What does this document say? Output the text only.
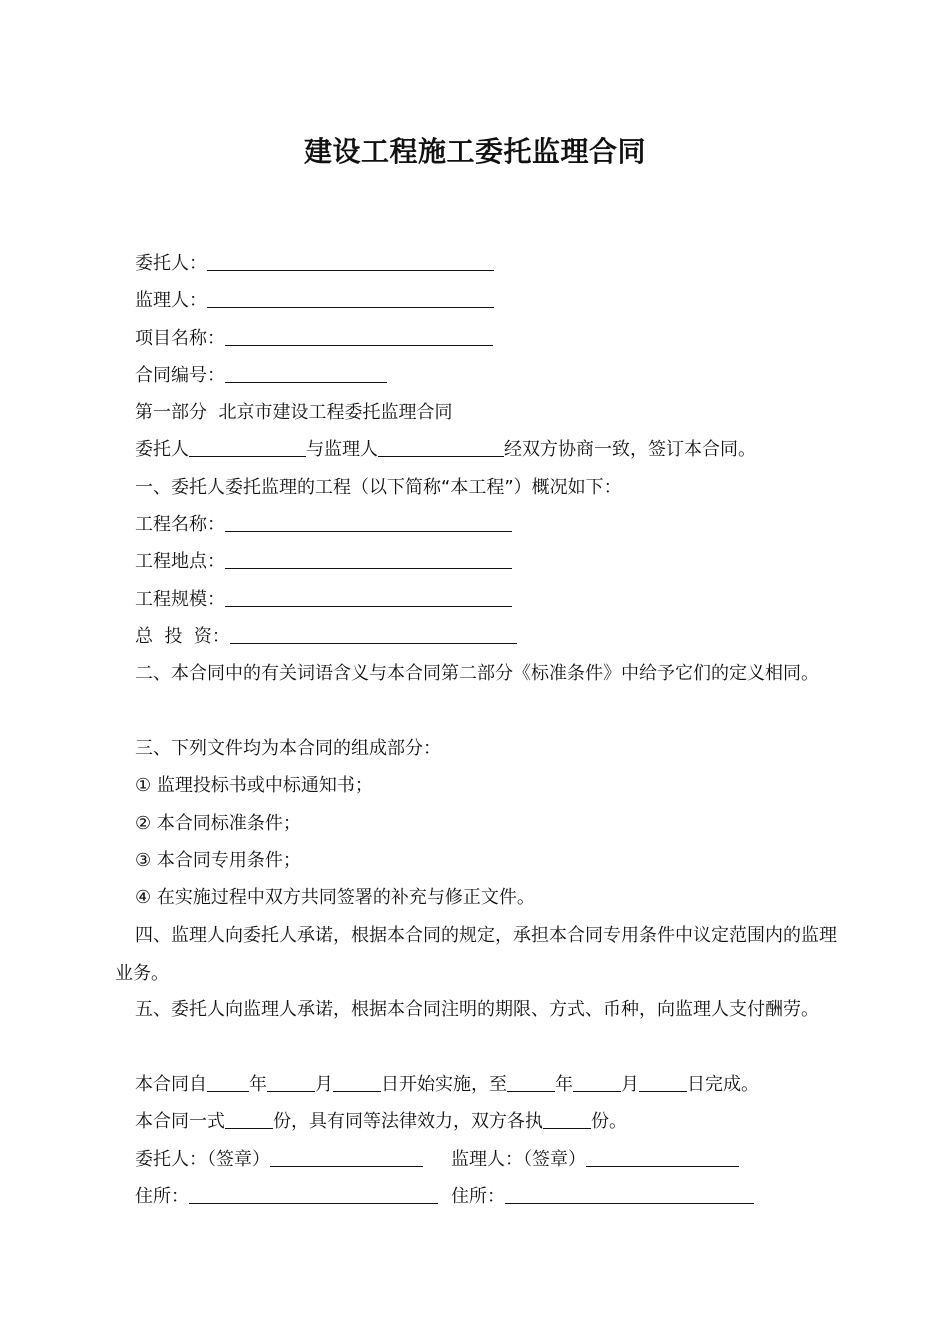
建设工程施工委托监理合同
委托人：
监理人：
项目名称：
合同编号：
第一部分  北京市建设工程委托监理合同
委托人	与监理人	经双方协商一致，签订本合同。
一、委托人委托监理的工程（以下简称“本工程”）概况如下：
工程名称：
工程地点：
工程规模：
总  投  资：
二、本合同中的有关词语含义与本合同第二部分《标准条件》中给予它们的定义相同。
三、下列文件均为本合同的组成部分：
① 监理投标书或中标通知书；
② 本合同标准条件；
③ 本合同专用条件；
④ 在实施过程中双方共同签署的补充与修正文件。
四、监理人向委托人承诺，根据本合同的规定，承担本合同专用条件中议定范围内的监理业务。
五、委托人向监理人承诺，根据本合同注明的期限、方式、币种，向监理人支付酬劳。
本合同自 年	月	日开始实施，至	年	月	日完成。
本合同一式	份，具有同等法律效力，双方各执	份。
委托人：（签章）	监理人：（签章）
住所：	住所：
